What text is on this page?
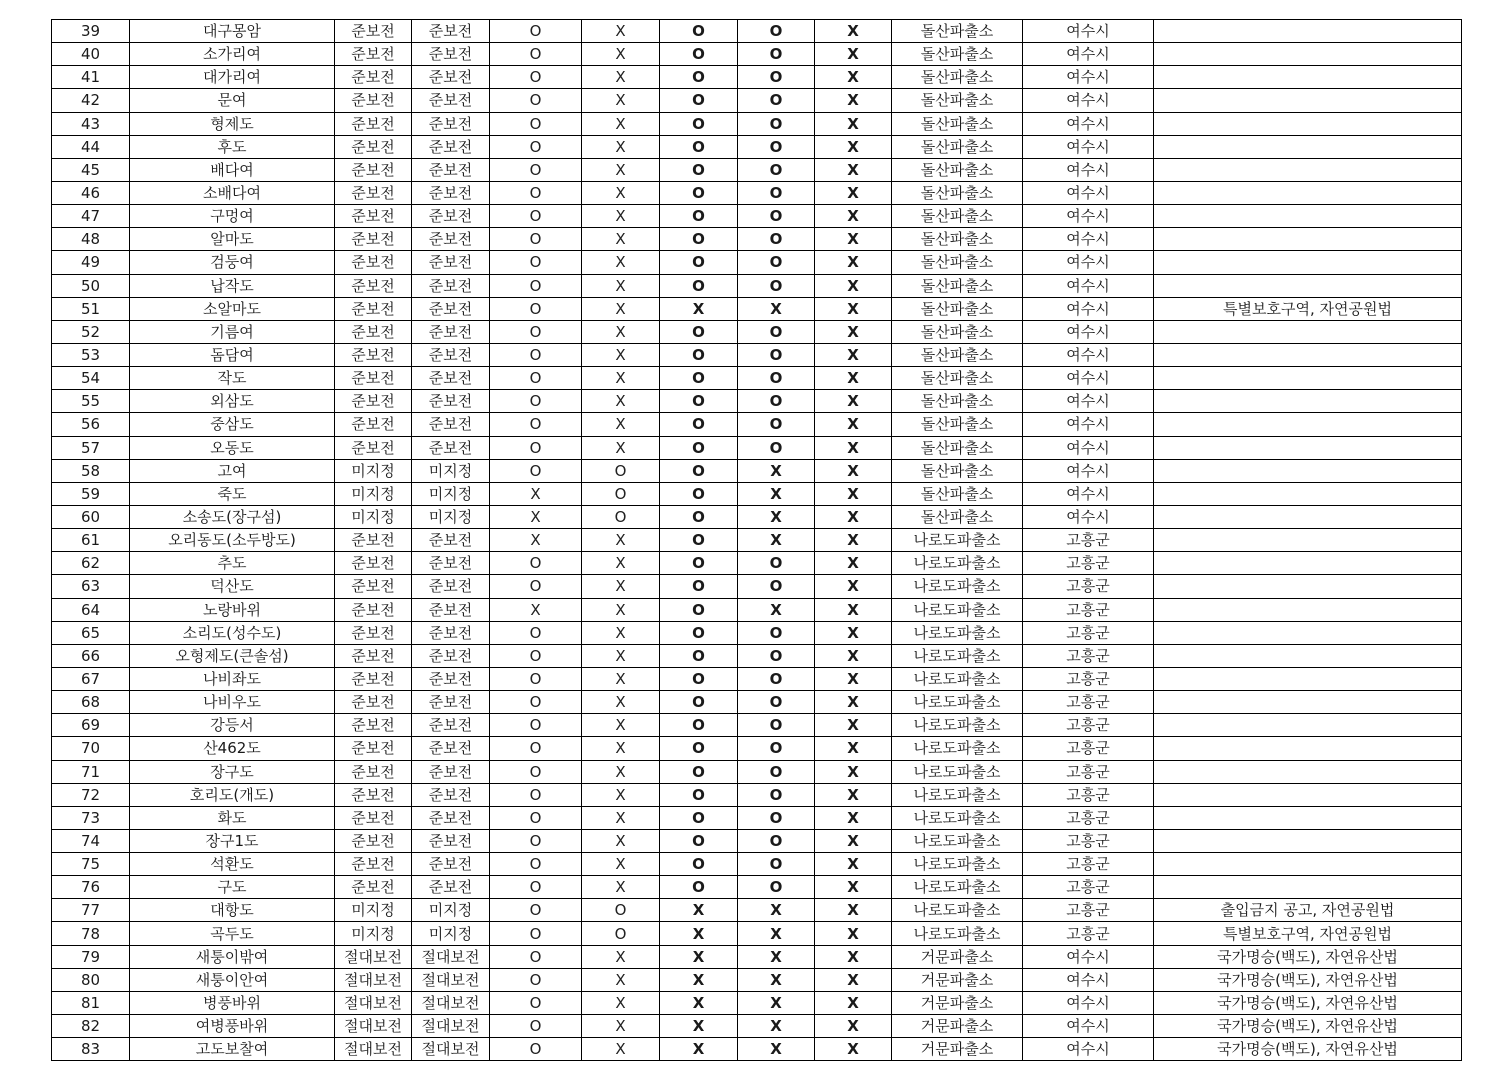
39	대구몽암	준보전	준보전	O	X	O	O	X	돌산파출소	여수시	
40	소가리여	준보전	준보전	O	X	O	O	X	돌산파출소	여수시	
41	대가리여	준보전	준보전	O	X	O	O	X	돌산파출소	여수시	
42	문여	준보전	준보전	O	X	O	O	X	돌산파출소	여수시	
43	형제도	준보전	준보전	O	X	O	O	X	돌산파출소	여수시	
44	후도	준보전	준보전	O	X	O	O	X	돌산파출소	여수시	
45	배다여	준보전	준보전	O	X	O	O	X	돌산파출소	여수시	
46	소배다여	준보전	준보전	O	X	O	O	X	돌산파출소	여수시	
47	구멍여	준보전	준보전	O	X	O	O	X	돌산파출소	여수시	
48	알마도	준보전	준보전	O	X	O	O	X	돌산파출소	여수시	
49	검둥여	준보전	준보전	O	X	O	O	X	돌산파출소	여수시	
50	납작도	준보전	준보전	O	X	O	O	X	돌산파출소	여수시	
51	소알마도	준보전	준보전	O	X	X	X	X	돌산파출소	여수시	특별보호구역, 자연공원법
52	기름여	준보전	준보전	O	X	O	O	X	돌산파출소	여수시	
53	돔담여	준보전	준보전	O	X	O	O	X	돌산파출소	여수시	
54	작도	준보전	준보전	O	X	O	O	X	돌산파출소	여수시	
55	외삼도	준보전	준보전	O	X	O	O	X	돌산파출소	여수시	
56	중삼도	준보전	준보전	O	X	O	O	X	돌산파출소	여수시	
57	오동도	준보전	준보전	O	X	O	O	X	돌산파출소	여수시	
58	고여	미지정	미지정	O	O	O	X	X	돌산파출소	여수시	
59	죽도	미지정	미지정	X	O	O	X	X	돌산파출소	여수시	
60	소송도(장구섬)	미지정	미지정	X	O	O	X	X	돌산파출소	여수시	
61	오리동도(소두방도)	준보전	준보전	X	X	O	X	X	나로도파출소	고흥군	
62	추도	준보전	준보전	O	X	O	O	X	나로도파출소	고흥군	
63	덕산도	준보전	준보전	O	X	O	O	X	나로도파출소	고흥군	
64	노랑바위	준보전	준보전	X	X	O	X	X	나로도파출소	고흥군	
65	소리도(성수도)	준보전	준보전	O	X	O	O	X	나로도파출소	고흥군	
66	오형제도(큰솔섬)	준보전	준보전	O	X	O	O	X	나로도파출소	고흥군	
67	나비좌도	준보전	준보전	O	X	O	O	X	나로도파출소	고흥군	
68	나비우도	준보전	준보전	O	X	O	O	X	나로도파출소	고흥군	
69	강등서	준보전	준보전	O	X	O	O	X	나로도파출소	고흥군	
70	산462도	준보전	준보전	O	X	O	O	X	나로도파출소	고흥군	
71	장구도	준보전	준보전	O	X	O	O	X	나로도파출소	고흥군	
72	호리도(개도)	준보전	준보전	O	X	O	O	X	나로도파출소	고흥군	
73	화도	준보전	준보전	O	X	O	O	X	나로도파출소	고흥군	
74	장구1도	준보전	준보전	O	X	O	O	X	나로도파출소	고흥군	
75	석환도	준보전	준보전	O	X	O	O	X	나로도파출소	고흥군	
76	구도	준보전	준보전	O	X	O	O	X	나로도파출소	고흥군	
77	대항도	미지정	미지정	O	O	X	X	X	나로도파출소	고흥군	출입금지 공고, 자연공원법
78	곡두도	미지정	미지정	O	O	X	X	X	나로도파출소	고흥군	특별보호구역, 자연공원법
79	새퉁이밖여	절대보전	절대보전	O	X	X	X	X	거문파출소	여수시	국가명승(백도), 자연유산법
80	새퉁이안여	절대보전	절대보전	O	X	X	X	X	거문파출소	여수시	국가명승(백도), 자연유산법
81	병풍바위	절대보전	절대보전	O	X	X	X	X	거문파출소	여수시	국가명승(백도), 자연유산법
82	여병풍바위	절대보전	절대보전	O	X	X	X	X	거문파출소	여수시	국가명승(백도), 자연유산법
83	고도보찰여	절대보전	절대보전	O	X	X	X	X	거문파출소	여수시	국가명승(백도), 자연유산법
